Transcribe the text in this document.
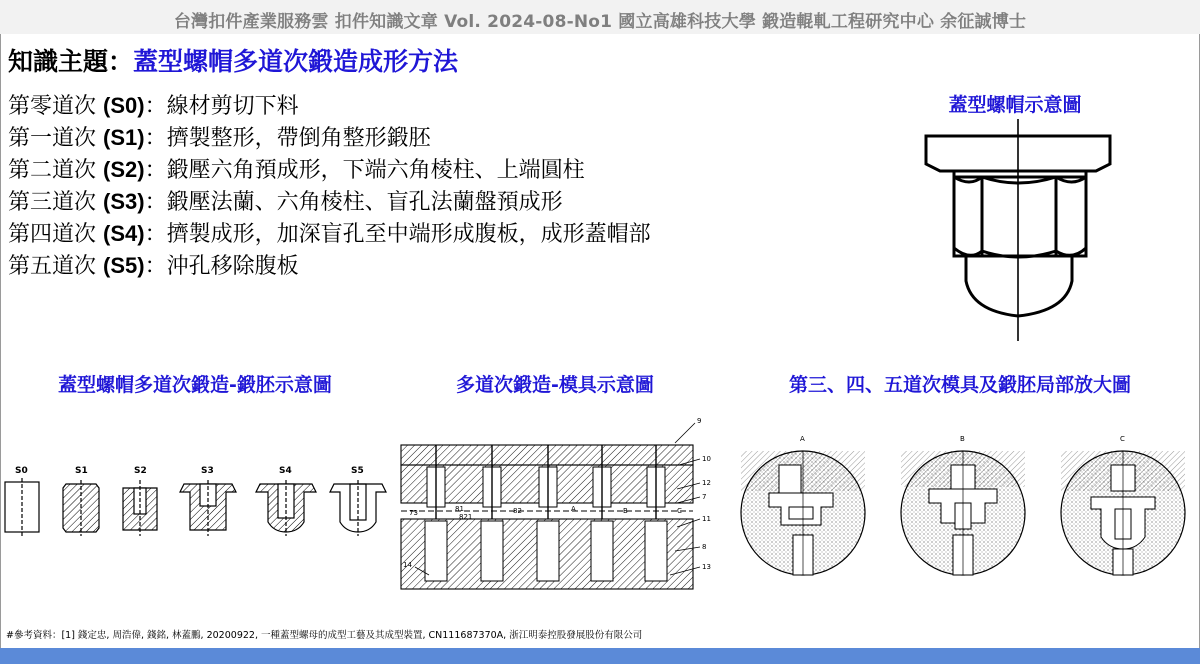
台灣扣件產業服務雲 扣件知識文章 Vol. 2024-08-No1 國立高雄科技大學 鍛造輥軋工程研究中心 余征誠博士
知識主題：蓋型螺帽多道次鍛造成形方法
第零道次 (S0)：線材剪切下料
第一道次 (S1)：擠製整形，帶倒角整形鍛胚
第二道次 (S2)：鍛壓六角預成形，下端六角棱柱、上端圓柱
第三道次 (S3)：鍛壓法蘭、六角棱柱、盲孔法蘭盤預成形
第四道次 (S4)：擠製成形，加深盲孔至中端形成腹板，成形蓋帽部
第五道次 (S5)：沖孔移除腹板
蓋型螺帽示意圖
蓋型螺帽多道次鍛造-鍛胚示意圖	多道次鍛造-模具示意圖	第三、四、五道次模具及鍛胚局部放大圖
S0	S1	S2	S3	S4	S5
9
10
12
7
11
8
13
14
73	81	82	A	B	C
821
A	B	C
#參考資料：[1] 錢定忠, 周浩偉, 錢銘, 林蓋鵬, 20200922, 一種蓋型螺母的成型工藝及其成型裝置, CN111687370A, 浙江明泰控股發展股份有限公司
